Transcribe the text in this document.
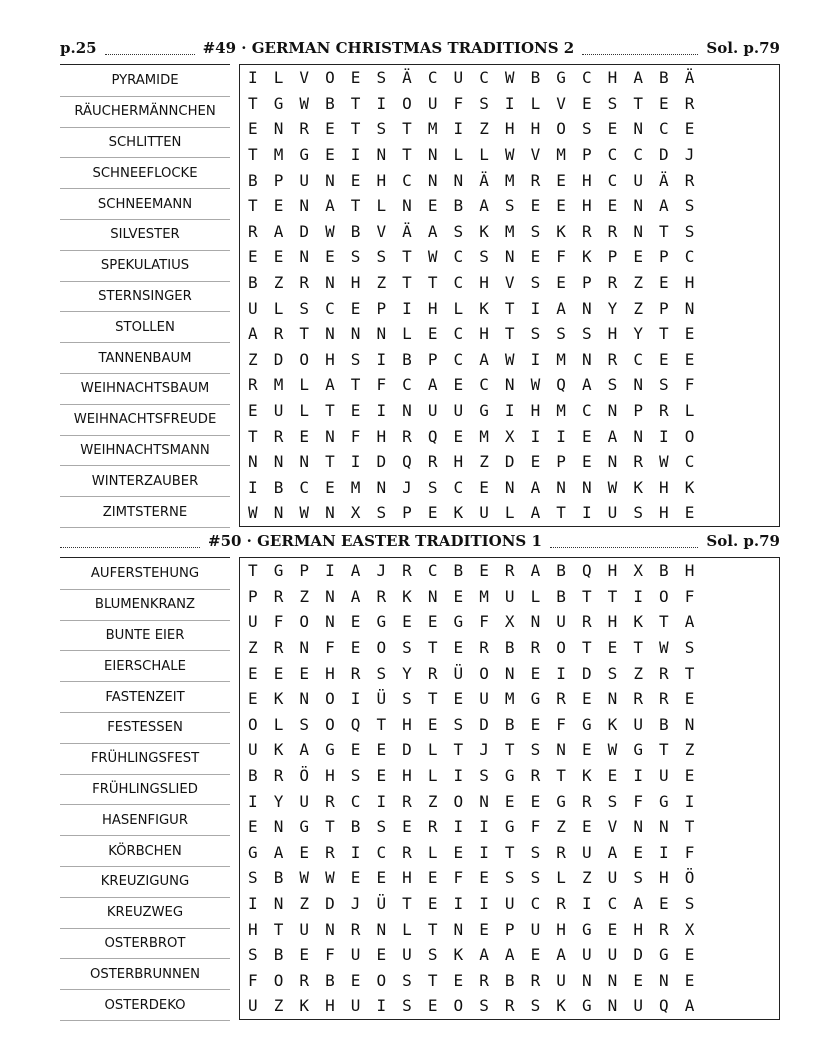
p.25	#49 · GERMAN CHRISTMAS TRADITIONS 2	Sol. p.79
PYRAMIDE
RÄUCHERMÄNNCHEN
SCHLITTEN
SCHNEEFLOCKE
SCHNEEMANN
SILVESTER
SPEKULATIUS
STERNSINGER
STOLLEN
TANNENBAUM
WEIHNACHTSBAUM
WEIHNACHTSFREUDE
WEIHNACHTSMANN
WINTERZAUBER
ZIMTSTERNE
I	L	V	O	E	S	Ä	C	U	C	W	B	G	C	H	A	B	Ä
T	G	W	B	T	I	O	U	F	S	I	L	V	E	S	T	E	R
E	N	R	E	T	S	T	M	I	Z	H	H	O	S	E	N	C	E
T	M	G	E	I	N	T	N	L	L	W	V	M	P	C	C	D	J
B	P	U	N	E	H	C	N	N	Ä	M	R	E	H	C	U	Ä	R
T	E	N	A	T	L	N	E	B	A	S	E	E	H	E	N	A	S
R	A	D	W	B	V	Ä	A	S	K	M	S	K	R	R	N	T	S
E	E	N	E	S	S	T	W	C	S	N	E	F	K	P	E	P	C
B	Z	R	N	H	Z	T	T	C	H	V	S	E	P	R	Z	E	H
U	L	S	C	E	P	I	H	L	K	T	I	A	N	Y	Z	P	N
A	R	T	N	N	N	L	E	C	H	T	S	S	S	H	Y	T	E
Z	D	O	H	S	I	B	P	C	A	W	I	M	N	R	C	E	E
R	M	L	A	T	F	C	A	E	C	N	W	Q	A	S	N	S	F
E	U	L	T	E	I	N	U	U	G	I	H	M	C	N	P	R	L
T	R	E	N	F	H	R	Q	E	M	X	I	I	E	A	N	I	O
N	N	N	T	I	D	Q	R	H	Z	D	E	P	E	N	R	W	C
I	B	C	E	M	N	J	S	C	E	N	A	N	N	W	K	H	K
W	N	W	N	X	S	P	E	K	U	L	A	T	I	U	S	H	E
#50 · GERMAN EASTER TRADITIONS 1	Sol. p.79
AUFERSTEHUNG
BLUMENKRANZ
BUNTE EIER
EIERSCHALE
FASTENZEIT
FESTESSEN
FRÜHLINGSFEST
FRÜHLINGSLIED
HASENFIGUR
KÖRBCHEN
KREUZIGUNG
KREUZWEG
OSTERBROT
OSTERBRUNNEN
OSTERDEKO
T	G	P	I	A	J	R	C	B	E	R	A	B	Q	H	X	B	H
P	R	Z	N	A	R	K	N	E	M	U	L	B	T	T	I	O	F
U	F	O	N	E	G	E	E	G	F	X	N	U	R	H	K	T	A
Z	R	N	F	E	O	S	T	E	R	B	R	O	T	E	T	W	S
E	E	E	H	R	S	Y	R	Ü	O	N	E	I	D	S	Z	R	T
E	K	N	O	I	Ü	S	T	E	U	M	G	R	E	N	R	R	E
O	L	S	O	Q	T	H	E	S	D	B	E	F	G	K	U	B	N
U	K	A	G	E	E	D	L	T	J	T	S	N	E	W	G	T	Z
B	R	Ö	H	S	E	H	L	I	S	G	R	T	K	E	I	U	E
I	Y	U	R	C	I	R	Z	O	N	E	E	G	R	S	F	G	I
E	N	G	T	B	S	E	R	I	I	G	F	Z	E	V	N	N	T
G	A	E	R	I	C	R	L	E	I	T	S	R	U	A	E	I	F
S	B	W	W	E	E	H	E	F	E	S	S	L	Z	U	S	H	Ö
I	N	Z	D	J	Ü	T	E	I	I	U	C	R	I	C	A	E	S
H	T	U	N	R	N	L	T	N	E	P	U	H	G	E	H	R	X
S	B	E	F	U	E	U	S	K	A	A	E	A	U	U	D	G	E
F	O	R	B	E	O	S	T	E	R	B	R	U	N	N	E	N	E
U	Z	K	H	U	I	S	E	O	S	R	S	K	G	N	U	Q	A
